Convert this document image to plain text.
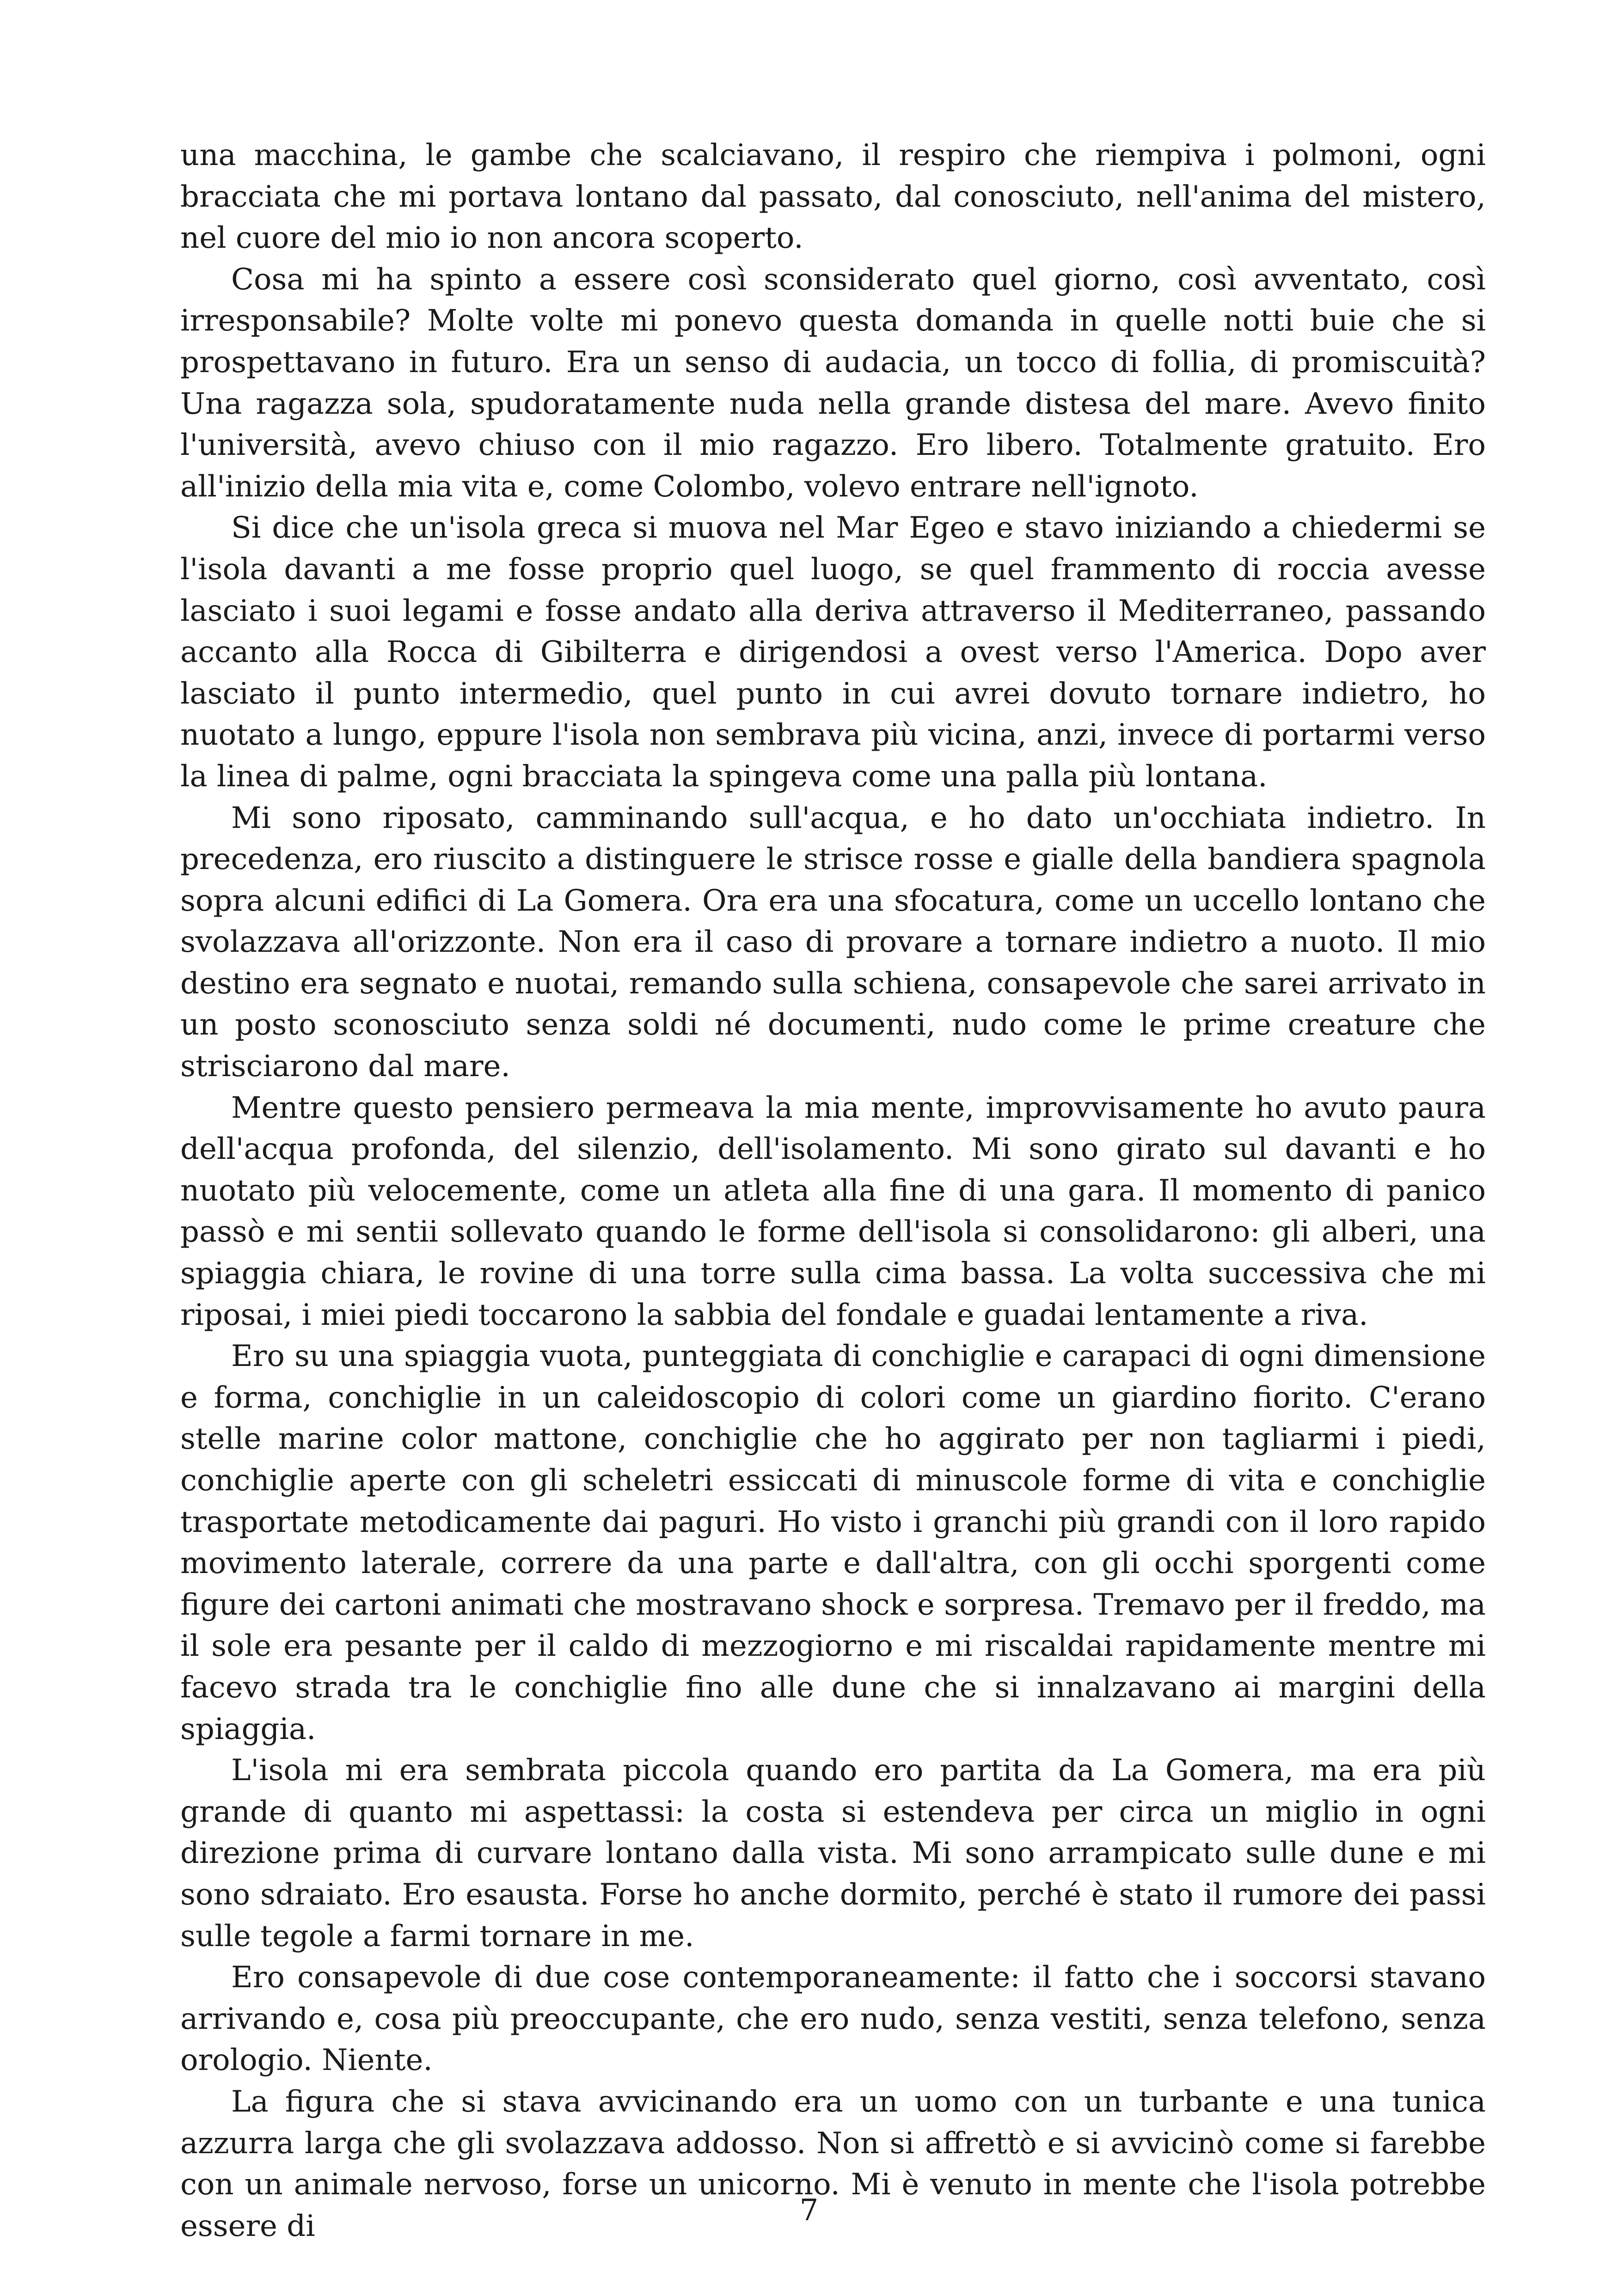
una macchina, le gambe che scalciavano, il respiro che riempiva i polmoni, ogni bracciata che mi portava lontano dal passato, dal conosciuto, nell'anima del mistero, nel cuore del mio io non ancora scoperto.

Cosa mi ha spinto a essere così sconsiderato quel giorno, così avventato, così irresponsabile? Molte volte mi ponevo questa domanda in quelle notti buie che si prospettavano in futuro. Era un senso di audacia, un tocco di follia, di promiscuità? Una ragazza sola, spudoratamente nuda nella grande distesa del mare. Avevo finito l'università, avevo chiuso con il mio ragazzo. Ero libero. Totalmente gratuito. Ero all'inizio della mia vita e, come Colombo, volevo entrare nell'ignoto.

Si dice che un'isola greca si muova nel Mar Egeo e stavo iniziando a chiedermi se l'isola davanti a me fosse proprio quel luogo, se quel frammento di roccia avesse lasciato i suoi legami e fosse andato alla deriva attraverso il Mediterraneo, passando accanto alla Rocca di Gibilterra e dirigendosi a ovest verso l'America. Dopo aver lasciato il punto intermedio, quel punto in cui avrei dovuto tornare indietro, ho nuotato a lungo, eppure l'isola non sembrava più vicina, anzi, invece di portarmi verso la linea di palme, ogni bracciata la spingeva come una palla più lontana.

Mi sono riposato, camminando sull'acqua, e ho dato un'occhiata indietro. In precedenza, ero riuscito a distinguere le strisce rosse e gialle della bandiera spagnola sopra alcuni edifici di La Gomera. Ora era una sfocatura, come un uccello lontano che svolazzava all'orizzonte. Non era il caso di provare a tornare indietro a nuoto. Il mio destino era segnato e nuotai, remando sulla schiena, consapevole che sarei arrivato in un posto sconosciuto senza soldi né documenti, nudo come le prime creature che strisciarono dal mare.

Mentre questo pensiero permeava la mia mente, improvvisamente ho avuto paura dell'acqua profonda, del silenzio, dell'isolamento. Mi sono girato sul davanti e ho nuotato più velocemente, come un atleta alla fine di una gara. Il momento di panico passò e mi sentii sollevato quando le forme dell'isola si consolidarono: gli alberi, una spiaggia chiara, le rovine di una torre sulla cima bassa. La volta successiva che mi riposai, i miei piedi toccarono la sabbia del fondale e guadai lentamente a riva.

Ero su una spiaggia vuota, punteggiata di conchiglie e carapaci di ogni dimensione e forma, conchiglie in un caleidoscopio di colori come un giardino fiorito. C'erano stelle marine color mattone, conchiglie che ho aggirato per non tagliarmi i piedi, conchiglie aperte con gli scheletri essiccati di minuscole forme di vita e conchiglie trasportate metodicamente dai paguri. Ho visto i granchi più grandi con il loro rapido movimento laterale, correre da una parte e dall'altra, con gli occhi sporgenti come figure dei cartoni animati che mostravano shock e sorpresa. Tremavo per il freddo, ma il sole era pesante per il caldo di mezzogiorno e mi riscaldai rapidamente mentre mi facevo strada tra le conchiglie fino alle dune che si innalzavano ai margini della spiaggia.

L'isola mi era sembrata piccola quando ero partita da La Gomera, ma era più grande di quanto mi aspettassi: la costa si estendeva per circa un miglio in ogni direzione prima di curvare lontano dalla vista. Mi sono arrampicato sulle dune e mi sono sdraiato. Ero esausta. Forse ho anche dormito, perché è stato il rumore dei passi sulle tegole a farmi tornare in me.

Ero consapevole di due cose contemporaneamente: il fatto che i soccorsi stavano arrivando e, cosa più preoccupante, che ero nudo, senza vestiti, senza telefono, senza orologio. Niente.

La figura che si stava avvicinando era un uomo con un turbante e una tunica azzurra larga che gli svolazzava addosso. Non si affrettò e si avvicinò come si farebbe con un animale nervoso, forse un unicorno. Mi è venuto in mente che l'isola potrebbe essere di	7
